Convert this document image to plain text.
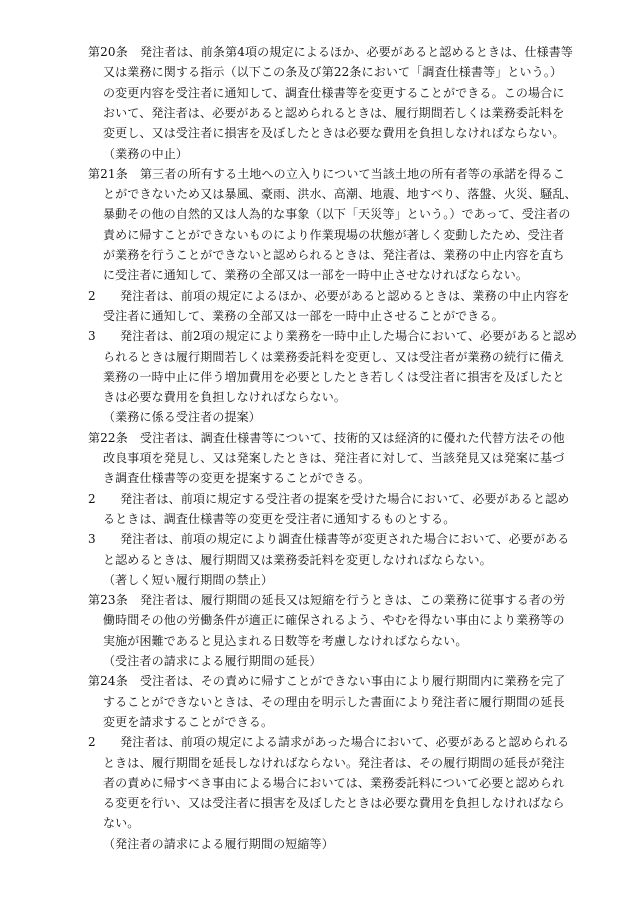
第20条　発注者は、前条第4項の規定によるほか、必要があると認めるときは、仕様書等
又は業務に関する指示（以下この条及び第22条において「調査仕様書等」という。）
の変更内容を受注者に通知して、調査仕様書等を変更することができる。この場合に
おいて、発注者は、必要があると認められるときは、履行期間若しくは業務委託料を
変更し、又は受注者に損害を及ぼしたときは必要な費用を負担しなければならない。
（業務の中止）
第21条　第三者の所有する土地への立入りについて当該土地の所有者等の承諾を得るこ
とができないため又は暴風、豪雨、洪水、高潮、地震、地すべり、落盤、火災、騒乱、
暴動その他の自然的又は人為的な事象（以下「天災等」という。）であって、受注者の
責めに帰すことができないものにより作業現場の状態が著しく変動したため、受注者
が業務を行うことができないと認められるときは、発注者は、業務の中止内容を直ち
に受注者に通知して、業務の全部又は一部を一時中止させなければならない。
2　　発注者は、前項の規定によるほか、必要があると認めるときは、業務の中止内容を
受注者に通知して、業務の全部又は一部を一時中止させることができる。
3　　発注者は、前2項の規定により業務を一時中止した場合において、必要があると認め
られるときは履行期間若しくは業務委託料を変更し、又は受注者が業務の続行に備え
業務の一時中止に伴う増加費用を必要としたとき若しくは受注者に損害を及ぼしたと
きは必要な費用を負担しなければならない。
（業務に係る受注者の提案）
第22条　受注者は、調査仕様書等について、技術的又は経済的に優れた代替方法その他
改良事項を発見し、又は発案したときは、発注者に対して、当該発見又は発案に基づ
き調査仕様書等の変更を提案することができる。
2　　発注者は、前項に規定する受注者の提案を受けた場合において、必要があると認め
るときは、調査仕様書等の変更を受注者に通知するものとする。
3　　発注者は、前項の規定により調査仕様書等が変更された場合において、必要がある
と認めるときは、履行期間又は業務委託料を変更しなければならない。
（著しく短い履行期間の禁止）
第23条　発注者は、履行期間の延長又は短縮を行うときは、この業務に従事する者の労
働時間その他の労働条件が適正に確保されるよう、やむを得ない事由により業務等の
実施が困難であると見込まれる日数等を考慮しなければならない。
（受注者の請求による履行期間の延長）
第24条　受注者は、その責めに帰すことができない事由により履行期間内に業務を完了
することができないときは、その理由を明示した書面により発注者に履行期間の延長
変更を請求することができる。
2　　発注者は、前項の規定による請求があった場合において、必要があると認められる
ときは、履行期間を延長しなければならない。発注者は、その履行期間の延長が発注
者の責めに帰すべき事由による場合においては、業務委託料について必要と認められ
る変更を行い、又は受注者に損害を及ぼしたときは必要な費用を負担しなければなら
ない。
（発注者の請求による履行期間の短縮等）
